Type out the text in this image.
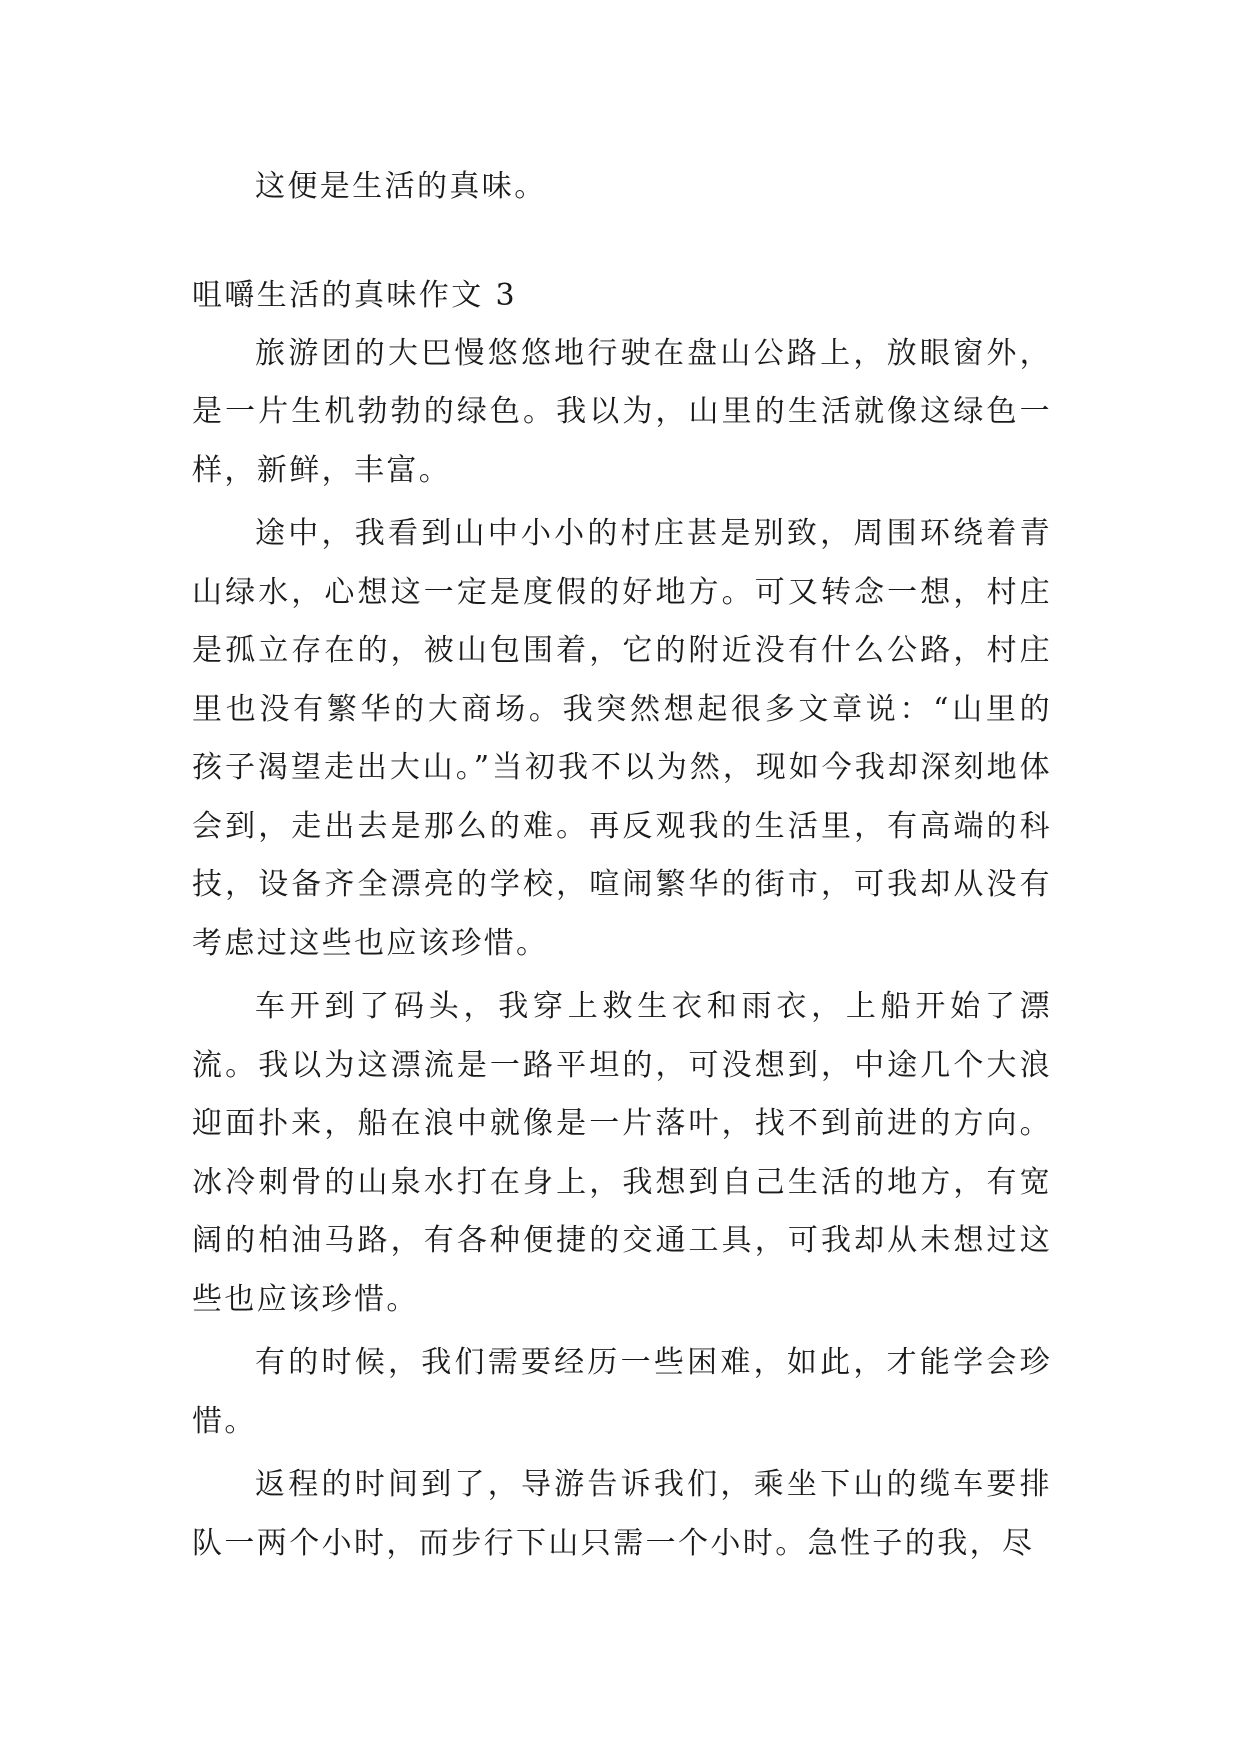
这便是生活的真味。

咀嚼生活的真味作文 3

旅游团的大巴慢悠悠地行驶在盘山公路上，放眼窗外，是一片生机勃勃的绿色。我以为，山里的生活就像这绿色一样，新鲜，丰富。

途中，我看到山中小小的村庄甚是别致，周围环绕着青山绿水，心想这一定是度假的好地方。可又转念一想，村庄是孤立存在的，被山包围着，它的附近没有什么公路，村庄里也没有繁华的大商场。我突然想起很多文章说：“山里的孩子渴望走出大山。”当初我不以为然，现如今我却深刻地体会到，走出去是那么的难。再反观我的生活里，有高端的科技，设备齐全漂亮的学校，喧闹繁华的街市，可我却从没有考虑过这些也应该珍惜。

车开到了码头，我穿上救生衣和雨衣，上船开始了漂流。我以为这漂流是一路平坦的，可没想到，中途几个大浪迎面扑来，船在浪中就像是一片落叶，找不到前进的方向。冰冷刺骨的山泉水打在身上，我想到自己生活的地方，有宽阔的柏油马路，有各种便捷的交通工具，可我却从未想过这些也应该珍惜。

有的时候，我们需要经历一些困难，如此，才能学会珍惜。

返程的时间到了，导游告诉我们，乘坐下山的缆车要排队一两个小时，而步行下山只需一个小时。急性子的我，尽
